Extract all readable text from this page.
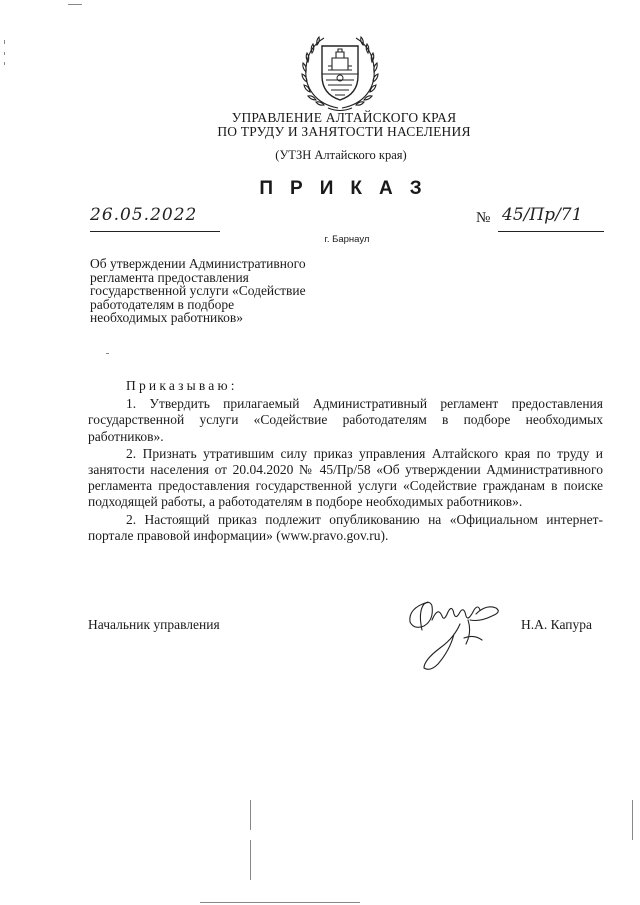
УПРАВЛЕНИЕ АЛТАЙСКОГО КРАЯ
ПО ТРУДУ И ЗАНЯТОСТИ НАСЕЛЕНИЯ
(УТЗН Алтайского края)
ПРИКАЗ
26.05.2022	№ 45/Пр/71
г. Барнаул
Об утверждении Административного
регламента предоставления
государственной услуги «Содействие
работодателям в подборе
необходимых работников»
Приказываю:

1. Утвердить прилагаемый Административный регламент предоставления государственной услуги «Содействие работодателям в подборе необходимых работников».

2. Признать утратившим силу приказ управления Алтайского края по труду и занятости населения от 20.04.2020 № 45/Пр/58 «Об утверждении Административного регламента предоставления государственной услуги «Содействие гражданам в поиске подходящей работы, а работодателям в подборе необходимых работников».

2. Настоящий приказ подлежит опубликованию на «Официальном интернет-портале правовой информации» (www.pravo.gov.ru).

Начальник управления	Н.А. Капура
